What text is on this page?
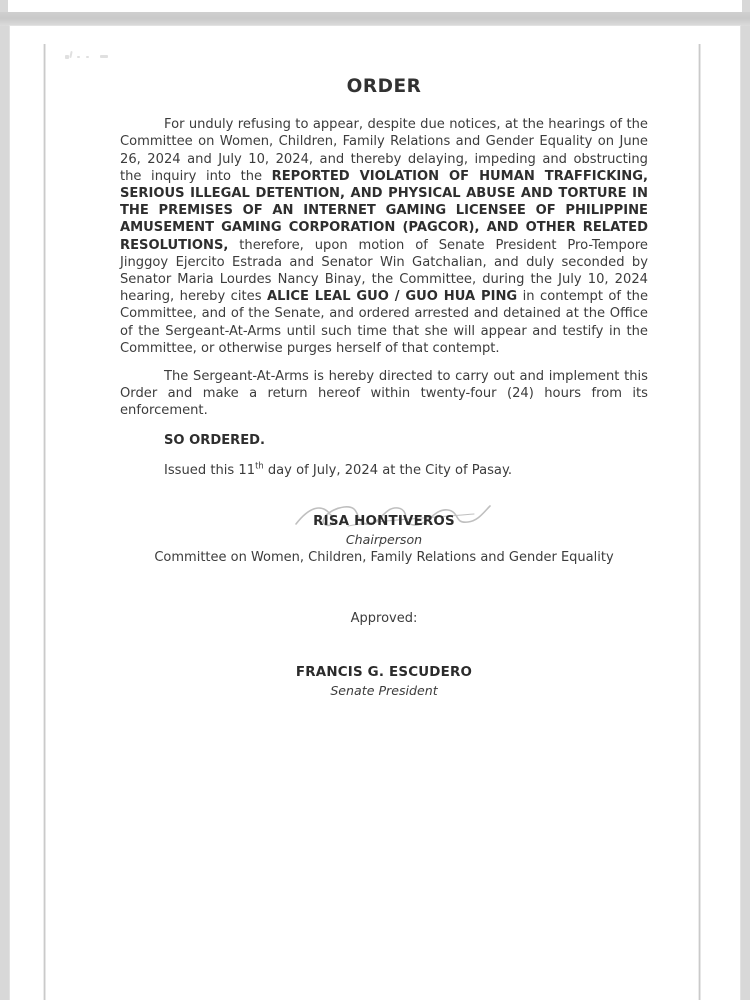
ORDER

For unduly refusing to appear, despite due notices, at the hearings of the Committee on Women, Children, Family Relations and Gender Equality on June 26, 2024 and July 10, 2024, and thereby delaying, impeding and obstructing the inquiry into the REPORTED VIOLATION OF HUMAN TRAFFICKING, SERIOUS ILLEGAL DETENTION, AND PHYSICAL ABUSE AND TORTURE IN THE PREMISES OF AN INTERNET GAMING LICENSEE OF PHILIPPINE AMUSEMENT GAMING CORPORATION (PAGCOR), AND OTHER RELATED RESOLUTIONS, therefore, upon motion of Senate President Pro-Tempore Jinggoy Ejercito Estrada and Senator Win Gatchalian, and duly seconded by Senator Maria Lourdes Nancy Binay, the Committee, during the July 10, 2024 hearing, hereby cites ALICE LEAL GUO / GUO HUA PING in contempt of the Committee, and of the Senate, and ordered arrested and detained at the Office of the Sergeant-At-Arms until such time that she will appear and testify in the Committee, or otherwise purges herself of that contempt.

The Sergeant-At-Arms is hereby directed to carry out and implement this Order and make a return hereof within twenty-four (24) hours from its enforcement.

SO ORDERED.
Issued this 11th day of July, 2024 at the City of Pasay.
RISA HONTIVEROS
Chairperson
Committee on Women, Children, Family Relations and Gender Equality
Approved:
FRANCIS G. ESCUDERO
Senate President
